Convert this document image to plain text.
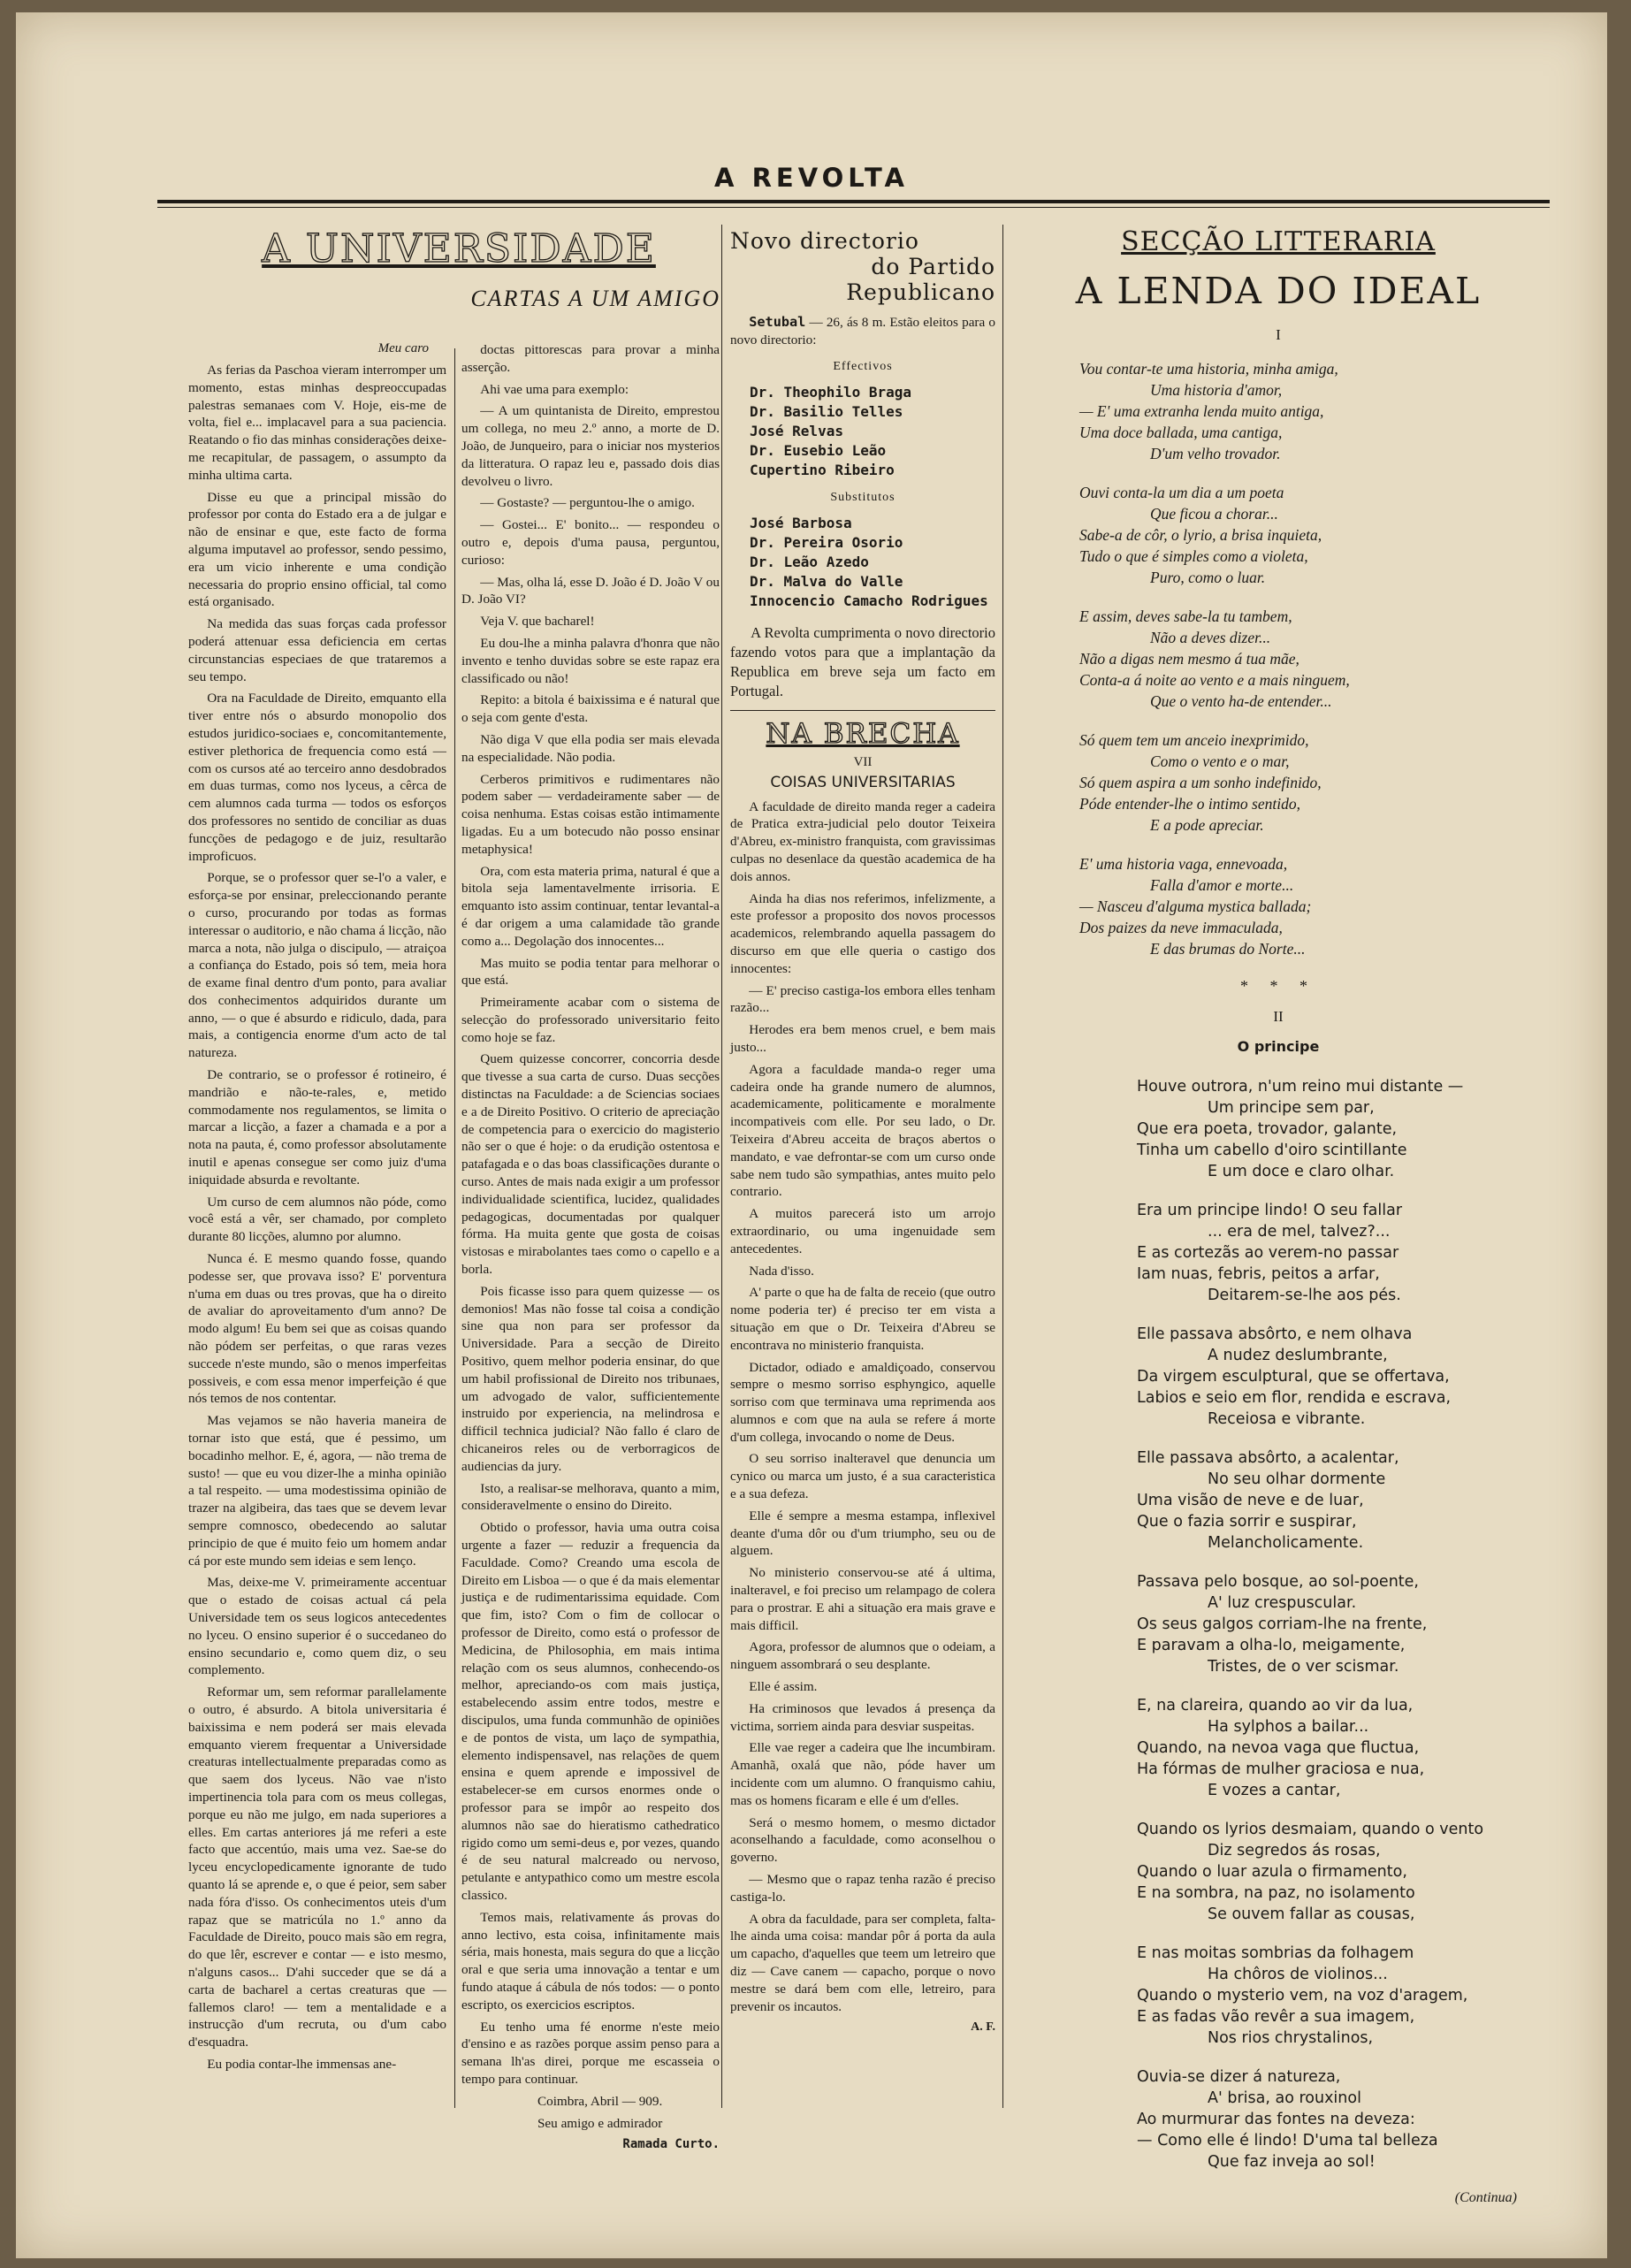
A REVOLTA
A UNIVERSIDADE
CARTAS A UM AMIGO
Meu caro

As ferias da Paschoa vieram interromper um momento, estas minhas despreoccupadas palestras semanaes com V. Hoje, eis-me de volta, fiel e... implacavel para a sua paciencia. Reatando o fio das minhas considerações deixe-me recapitular, de passagem, o assumpto da minha ultima carta.

Disse eu que a principal missão do professor por conta do Estado era a de julgar e não de ensinar e que, este facto de forma alguma imputavel ao professor, sendo pessimo, era um vicio inherente e uma condição necessaria do proprio ensino official, tal como está organisado.

Na medida das suas forças cada professor poderá attenuar essa deficiencia em certas circunstancias especiaes de que trataremos a seu tempo.

Ora na Faculdade de Direito, emquanto ella tiver entre nós o absurdo monopolio dos estudos juridico-sociaes e, concomitantemente, estiver plethorica de frequencia como está — com os cursos até ao terceiro anno desdobrados em duas turmas, como nos lyceus, a cêrca de cem alumnos cada turma — todos os esforços dos professores no sentido de conciliar as duas funcções de pedagogo e de juiz, resultarão improficuos.

Porque, se o professor quer se-l'o a valer, e esforça-se por ensinar, preleccionando perante o curso, procurando por todas as formas interessar o auditorio, e não chama á licção, não marca a nota, não julga o discipulo, — atraiçoa a confiança do Estado, pois só tem, meia hora de exame final dentro d'um ponto, para avaliar dos conhecimentos adquiridos durante um anno, — o que é absurdo e ridiculo, dada, para mais, a contigencia enorme d'um acto de tal natureza.

De contrario, se o professor é rotineiro, é mandrião e não-te-rales, e, metido commodamente nos regulamentos, se limita o marcar a licção, a fazer a chamada e a por a nota na pauta, é, como professor absolutamente inutil e apenas consegue ser como juiz d'uma iniquidade absurda e revoltante.

Um curso de cem alumnos não póde, como você está a vêr, ser chamado, por completo durante 80 licções, alumno por alumno.

Nunca é. E mesmo quando fosse, quando podesse ser, que provava isso? E' porventura n'uma em duas ou tres provas, que ha o direito de avaliar do aproveitamento d'um anno? De modo algum! Eu bem sei que as coisas quando não pódem ser perfeitas, o que raras vezes succede n'este mundo, são o menos imperfeitas possiveis, e com essa menor imperfeição é que nós temos de nos contentar.

Mas vejamos se não haveria maneira de tornar isto que está, que é pessimo, um bocadinho melhor. E, é, agora, — não trema de susto! — que eu vou dizer-lhe a minha opinião a tal respeito. — uma modestissima opinião de trazer na algibeira, das taes que se devem levar sempre comnosco, obedecendo ao salutar principio de que é muito feio um homem andar cá por este mundo sem ideias e sem lenço.

Mas, deixe-me V. primeiramente accentuar que o estado de coisas actual cá pela Universidade tem os seus logicos antecedentes no lyceu. O ensino superior é o succedaneo do ensino secundario e, como quem diz, o seu complemento.

Reformar um, sem reformar parallelamente o outro, é absurdo. A bitola universitaria é baixissima e nem poderá ser mais elevada emquanto vierem frequentar a Universidade creaturas intellectualmente preparadas como as que saem dos lyceus. Não vae n'isto impertinencia tola para com os meus collegas, porque eu não me julgo, em nada superiores a elles. Em cartas anteriores já me referi a este facto que accentúo, mais uma vez. Sae-se do lyceu encyclopedicamente ignorante de tudo quanto lá se aprende e, o que é peior, sem saber nada fóra d'isso. Os conhecimentos uteis d'um rapaz que se matricúla no 1.º anno da Faculdade de Direito, pouco mais são em regra, do que lêr, escrever e contar — e isto mesmo, n'alguns casos... D'ahi succeder que se dá a carta de bacharel a certas creaturas que — fallemos claro! — tem a mentalidade e a instrucção d'um recruta, ou d'um cabo d'esquadra.

Eu podia contar-lhe immensas ane-

doctas pittorescas para provar a minha asserção.

Ahi vae uma para exemplo:

— A um quintanista de Direito, emprestou um collega, no meu 2.º anno, a morte de D. João, de Junqueiro, para o iniciar nos mysterios da litteratura. O rapaz leu e, passado dois dias devolveu o livro.

— Gostaste? — perguntou-lhe o amigo.

— Gostei... E' bonito... — respondeu o outro e, depois d'uma pausa, perguntou, curioso:

— Mas, olha lá, esse D. João é D. João V ou D. João VI?

Veja V. que bacharel!

Eu dou-lhe a minha palavra d'honra que não invento e tenho duvidas sobre se este rapaz era classificado ou não!

Repito: a bitola é baixissima e é natural que o seja com gente d'esta.

Não diga V que ella podia ser mais elevada na especialidade. Não podia.

Cerberos primitivos e rudimentares não podem saber — verdadeiramente saber — de coisa nenhuma. Estas coisas estão intimamente ligadas. Eu a um botecudo não posso ensinar metaphysica!

Ora, com esta materia prima, natural é que a bitola seja lamentavelmente irrisoria. E emquanto isto assim continuar, tentar levantal-a é dar origem a uma calamidade tão grande como a... Degolação dos innocentes...

Mas muito se podia tentar para melhorar o que está.

Primeiramente acabar com o sistema de selecção do professorado universitario feito como hoje se faz.

Quem quizesse concorrer, concorria desde que tivesse a sua carta de curso. Duas secções distinctas na Faculdade: a de Sciencias sociaes e a de Direito Positivo. O criterio de apreciação de competencia para o exercicio do magisterio não ser o que é hoje: o da erudição ostentosa e patafagada e o das boas classificações durante o curso. Antes de mais nada exigir a um professor individualidade scientifica, lucidez, qualidades pedagogicas, documentadas por qualquer fórma. Ha muita gente que gosta de coisas vistosas e mirabolantes taes como o capello e a borla.

Pois ficasse isso para quem quizesse — os demonios! Mas não fosse tal coisa a condição sine qua non para ser professor da Universidade. Para a secção de Direito Positivo, quem melhor poderia ensinar, do que um habil profissional de Direito nos tribunaes, um advogado de valor, sufficientemente instruido por experiencia, na melindrosa e difficil technica judicial? Não fallo é claro de chicaneiros reles ou de verborragicos de audiencias da jury.

Isto, a realisar-se melhorava, quanto a mim, consideravelmente o ensino do Direito.

Obtido o professor, havia uma outra coisa urgente a fazer — reduzir a frequencia da Faculdade. Como? Creando uma escola de Direito em Lisboa — o que é da mais elementar justiça e de rudimentarissima equidade. Com que fim, isto? Com o fim de collocar o professor de Direito, como está o professor de Medicina, de Philosophia, em mais intima relação com os seus alumnos, conhecendo-os melhor, apreciando-os com mais justiça, estabelecendo assim entre todos, mestre e discipulos, uma funda communhão de opiniões e de pontos de vista, um laço de sympathia, elemento indispensavel, nas relações de quem ensina e quem aprende e impossivel de estabelecer-se em cursos enormes onde o professor para se impôr ao respeito dos alumnos não sae do hieratismo cathedratico rigido como um semi-deus e, por vezes, quando é de seu natural malcreado ou nervoso, petulante e antypathico como um mestre escola classico.

Temos mais, relativamente ás provas do anno lectivo, esta coisa, infinitamente mais séria, mais honesta, mais segura do que a licção oral e que seria uma innovação a tentar e um fundo ataque á cábula de nós todos: — o ponto escripto, os exercicios escriptos.

Eu tenho uma fé enorme n'este meio d'ensino e as razões porque assim penso para a semana lh'as direi, porque me escasseia o tempo para continuar.

Coimbra, Abril — 909.

Seu amigo e admirador

Ramada Curto.

Novo directorio
do Partido Republicano

Setubal — 26, ás 8 m. Estão eleitos para o novo directorio:

Effectivos
Dr. Theophilo Braga
Dr. Basilio Telles
José Relvas
Dr. Eusebio Leão
Cupertino Ribeiro
Substitutos
José Barbosa
Dr. Pereira Osorio
Dr. Leão Azedo
Dr. Malva do Valle
Innocencio Camacho Rodrigues

A Revolta cumprimenta o novo directorio fazendo votos para que a implantação da Republica em breve seja um facto em Portugal.

NA BRECHA
VII
COISAS UNIVERSITARIAS

A faculdade de direito manda reger a cadeira de Pratica extra-judicial pelo doutor Teixeira d'Abreu, ex-ministro franquista, com gravissimas culpas no desenlace da questão academica de ha dois annos.

Ainda ha dias nos referimos, infelizmente, a este professor a proposito dos novos processos academicos, relembrando aquella passagem do discurso em que elle queria o castigo dos innocentes:

— E' preciso castiga-los embora elles tenham razão...

Herodes era bem menos cruel, e bem mais justo...

Agora a faculdade manda-o reger uma cadeira onde ha grande numero de alumnos, academicamente, politicamente e moralmente incompativeis com elle. Por seu lado, o Dr. Teixeira d'Abreu acceita de braços abertos o mandato, e vae defrontar-se com um curso onde sabe nem tudo são sympathias, antes muito pelo contrario.

A muitos parecerá isto um arrojo extraordinario, ou uma ingenuidade sem antecedentes.

Nada d'isso.

A' parte o que ha de falta de receio (que outro nome poderia ter) é preciso ter em vista a situação em que o Dr. Teixeira d'Abreu se encontrava no ministerio franquista.

Dictador, odiado e amaldiçoado, conservou sempre o mesmo sorriso esphyngico, aquelle sorriso com que terminava uma reprimenda aos alumnos e com que na aula se refere á morte d'um collega, invocando o nome de Deus.

O seu sorriso inalteravel que denuncia um cynico ou marca um justo, é a sua caracteristica e a sua defeza.

Elle é sempre a mesma estampa, inflexivel deante d'uma dôr ou d'um triumpho, seu ou de alguem.

No ministerio conservou-se até á ultima, inalteravel, e foi preciso um relampago de colera para o prostrar. E ahi a situação era mais grave e mais difficil.

Agora, professor de alumnos que o odeiam, a ninguem assombrará o seu desplante.

Elle é assim.

Ha criminosos que levados á presença da victima, sorriem ainda para desviar suspeitas.

Elle vae reger a cadeira que lhe incumbiram. Amanhã, oxalá que não, póde haver um incidente com um alumno. O franquismo cahiu, mas os homens ficaram e elle é um d'elles.

Será o mesmo homem, o mesmo dictador aconselhando a faculdade, como aconselhou o governo.

— Mesmo que o rapaz tenha razão é preciso castiga-lo.

A obra da faculdade, para ser completa, falta-lhe ainda uma coisa: mandar pôr á porta da aula um capacho, d'aquelles que teem um letreiro que diz — Cave canem — capacho, porque o novo mestre se dará bem com elle, letreiro, para prevenir os incautos.

A. F.
SECÇÃO LITTERARIA
A LENDA DO IDEAL
I
Vou contar-te uma historia, minha amiga,
Uma historia d'amor,
— E' uma extranha lenda muito antiga,
Uma doce ballada, uma cantiga,
D'um velho trovador.
Ouvi conta-la um dia a um poeta
Que ficou a chorar...
Sabe-a de côr, o lyrio, a brisa inquieta,
Tudo o que é simples como a violeta,
Puro, como o luar.
E assim, deves sabe-la tu tambem,
Não a deves dizer...
Não a digas nem mesmo á tua mãe,
Conta-a á noite ao vento e a mais ninguem,
Que o vento ha-de entender...
Só quem tem um anceio inexprimido,
Como o vento e o mar,
Só quem aspira a um sonho indefinido,
Póde entender-lhe o intimo sentido,
E a pode apreciar.
E' uma historia vaga, ennevoada,
Falla d'amor e morte...
— Nasceu d'alguma mystica ballada;
Dos paizes da neve immaculada,
E das brumas do Norte...
* * *
II
O principe
Houve outrora, n'um reino mui distante —
Um principe sem par,
Que era poeta, trovador, galante,
Tinha um cabello d'oiro scintillante
E um doce e claro olhar.
Era um principe lindo! O seu fallar
... era de mel, talvez?...
E as cortezãs ao verem-no passar
Iam nuas, febris, peitos a arfar,
Deitarem-se-lhe aos pés.
Elle passava absôrto, e nem olhava
A nudez deslumbrante,
Da virgem esculptural, que se offertava,
Labios e seio em flor, rendida e escrava,
Receiosa e vibrante.
Elle passava absôrto, a acalentar,
No seu olhar dormente
Uma visão de neve e de luar,
Que o fazia sorrir e suspirar,
Melancholicamente.
Passava pelo bosque, ao sol-poente,
A' luz crespuscular.
Os seus galgos corriam-lhe na frente,
E paravam a olha-lo, meigamente,
Tristes, de o ver scismar.
E, na clareira, quando ao vir da lua,
Ha sylphos a bailar...
Quando, na nevoa vaga que fluctua,
Ha fórmas de mulher graciosa e nua,
E vozes a cantar,
Quando os lyrios desmaiam, quando o vento
Diz segredos ás rosas,
Quando o luar azula o firmamento,
E na sombra, na paz, no isolamento
Se ouvem fallar as cousas,
E nas moitas sombrias da folhagem
Ha chôros de violinos...
Quando o mysterio vem, na voz d'aragem,
E as fadas vão revêr a sua imagem,
Nos rios chrystalinos,
Ouvia-se dizer á natureza,
A' brisa, ao rouxinol
Ao murmurar das fontes na deveza:
— Como elle é lindo! D'uma tal belleza
Que faz inveja ao sol!
(Continua)
